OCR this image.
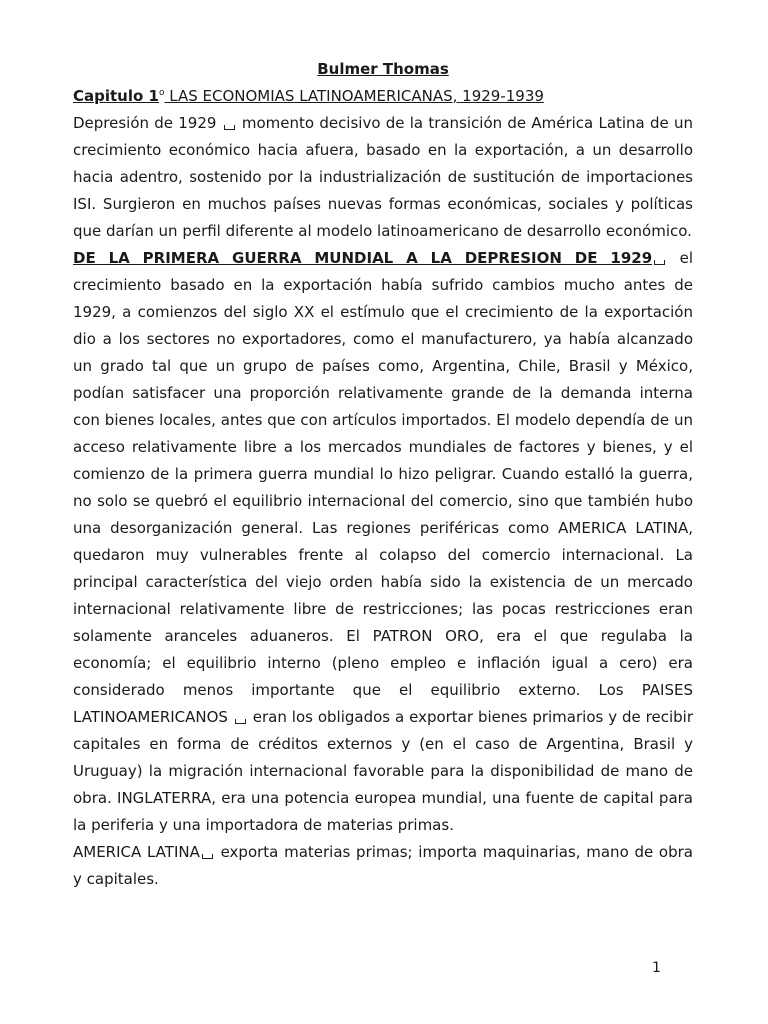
Bulmer Thomas

Capitulo 1$^o$ LAS ECONOMIAS LATINOAMERICANAS, 1929-1939

Depresión de 1929 momento decisivo de la transición de América Latina de un crecimiento económico hacia afuera, basado en la exportación, a un desarrollo hacia adentro, sostenido por la industrialización de sustitución de importaciones ISI. Surgieron en muchos países nuevas formas económicas, sociales y políticas que darían un perfil diferente al modelo latinoamericano de desarrollo económico.

DE LA PRIMERA GUERRA MUNDIAL A LA DEPRESION DE 1929 el crecimiento basado en la exportación había sufrido cambios mucho antes de 1929, a comienzos del siglo XX el estímulo que el crecimiento de la exportación dio a los sectores no exportadores, como el manufacturero, ya había alcanzado un grado tal que un grupo de países como, Argentina, Chile, Brasil y México, podían satisfacer una proporción relativamente grande de la demanda interna con bienes locales, antes que con artículos importados. El modelo dependía de un acceso relativamente libre a los mercados mundiales de factores y bienes, y el comienzo de la primera guerra mundial lo hizo peligrar. Cuando estalló la guerra, no solo se quebró el equilibrio internacional del comercio, sino que también hubo una desorganización general. Las regiones periféricas como AMERICA LATINA, quedaron muy vulnerables frente al colapso del comercio internacional. La principal característica del viejo orden había sido la existencia de un mercado internacional relativamente libre de restricciones; las pocas restricciones eran solamente aranceles aduaneros. El PATRON ORO, era el que regulaba la economía; el equilibrio interno (pleno empleo e inflación igual a cero) era considerado menos importante que el equilibrio externo. Los PAISES LATINOAMERICANOS eran los obligados a exportar bienes primarios y de recibir capitales en forma de créditos externos y (en el caso de Argentina, Brasil y Uruguay) la migración internacional favorable para la disponibilidad de mano de obra. INGLATERRA, era una potencia europea mundial, una fuente de capital para la periferia y una importadora de materias primas.

AMERICA LATINA exporta materias primas; importa maquinarias, mano de obra y capitales.

1
